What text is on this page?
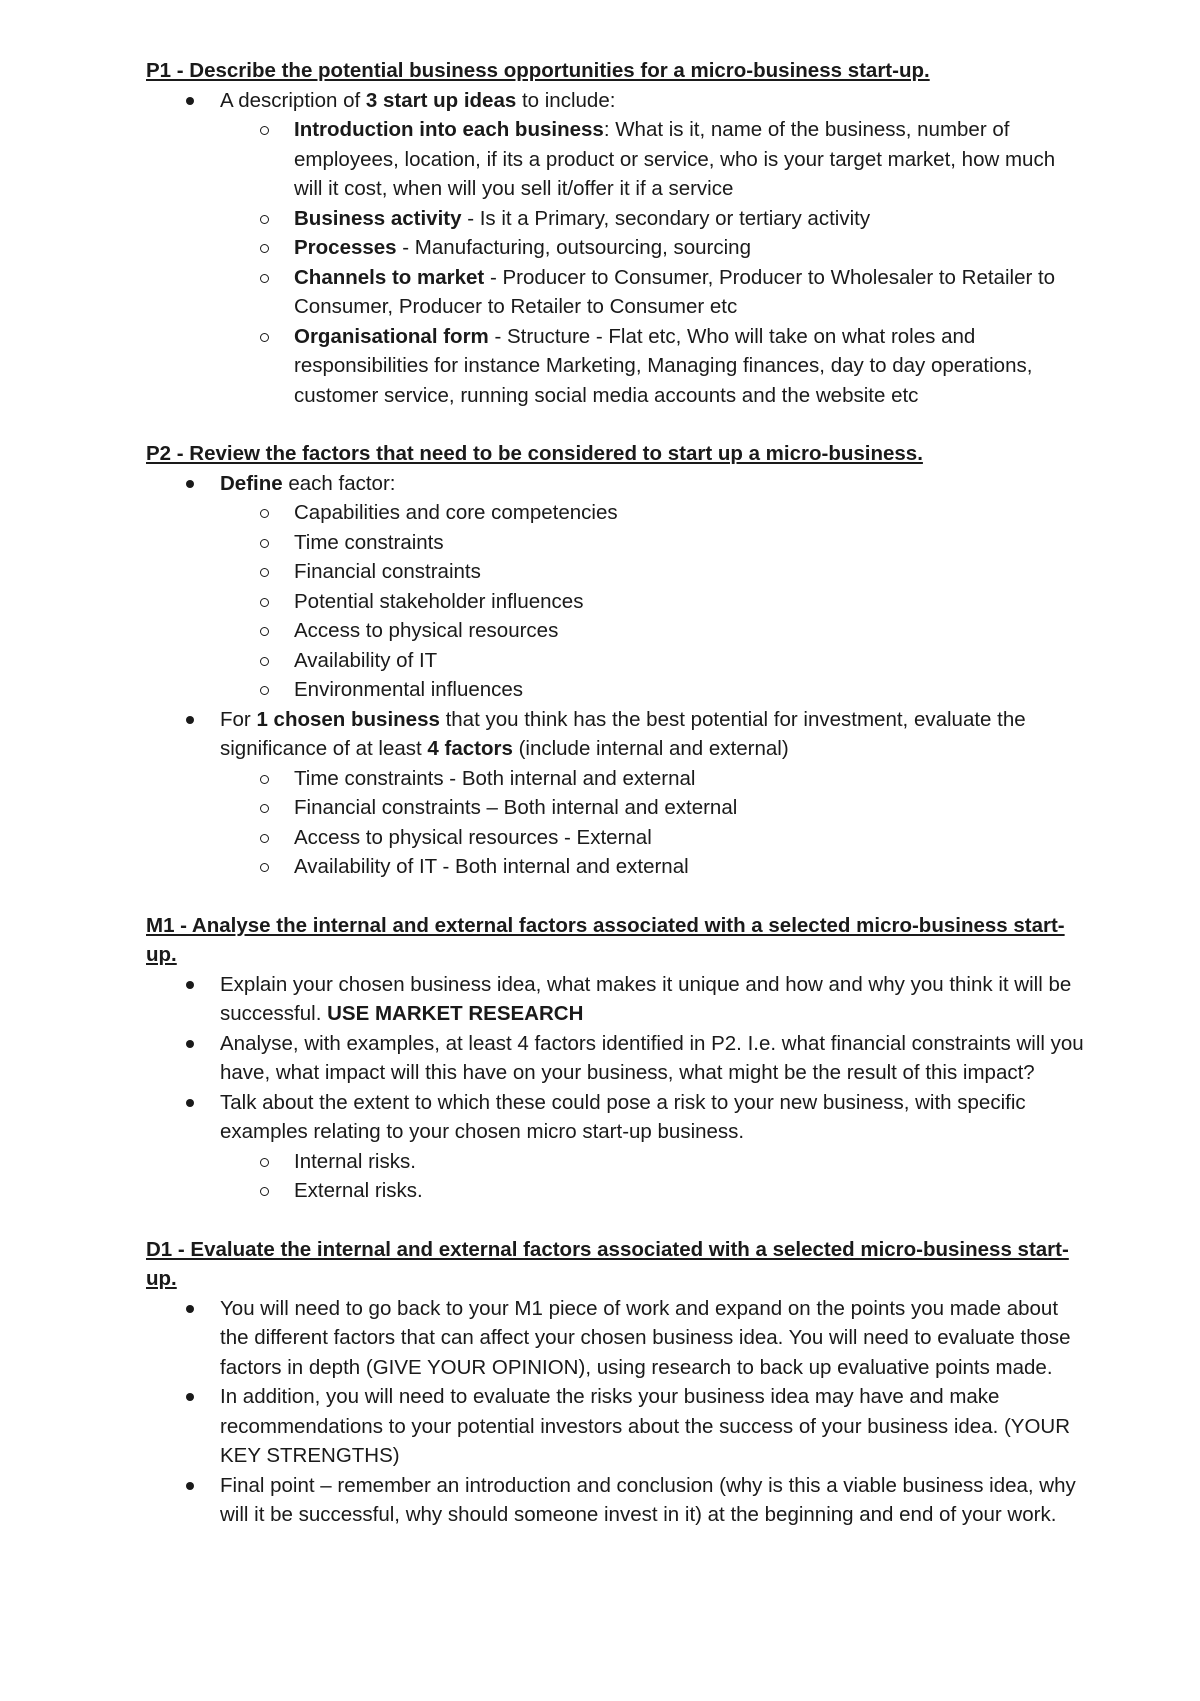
P1 - Describe the potential business opportunities for a micro-business start-up.

A description of 3 start up ideas to include:
Introduction into each business: What is it, name of the business, number of employees, location, if its a product or service, who is your target market, how much will it cost, when will you sell it/offer it if a service
Business activity - Is it a Primary, secondary or tertiary activity
Processes - Manufacturing, outsourcing, sourcing
Channels to market - Producer to Consumer, Producer to Wholesaler to Retailer to Consumer, Producer to Retailer to Consumer etc
Organisational form - Structure - Flat etc, Who will take on what roles and responsibilities for instance Marketing, Managing finances, day to day operations, customer service, running social media accounts and the website etc

P2 - Review the factors that need to be considered to start up a micro-business.

Define each factor:
Capabilities and core competencies
Time constraints
Financial constraints
Potential stakeholder influences
Access to physical resources
Availability of IT
Environmental influences
For 1 chosen business that you think has the best potential for investment, evaluate the significance of at least 4 factors (include internal and external)
Time constraints - Both internal and external
Financial constraints – Both internal and external
Access to physical resources - External
Availability of IT - Both internal and external

M1 - Analyse the internal and external factors associated with a selected micro-business start-up.

Explain your chosen business idea, what makes it unique and how and why you think it will be successful. USE MARKET RESEARCH
Analyse, with examples, at least 4 factors identified in P2. I.e. what financial constraints will you have, what impact will this have on your business, what might be the result of this impact?
Talk about the extent to which these could pose a risk to your new business, with specific examples relating to your chosen micro start-up business.
Internal risks.
External risks.

D1 - Evaluate the internal and external factors associated with a selected micro-business start-up.

You will need to go back to your M1 piece of work and expand on the points you made about the different factors that can affect your chosen business idea. You will need to evaluate those factors in depth (GIVE YOUR OPINION), using research to back up evaluative points made.
In addition, you will need to evaluate the risks your business idea may have and make recommendations to your potential investors about the success of your business idea. (YOUR KEY STRENGTHS)
Final point – remember an introduction and conclusion (why is this a viable business idea, why will it be successful, why should someone invest in it) at the beginning and end of your work.
